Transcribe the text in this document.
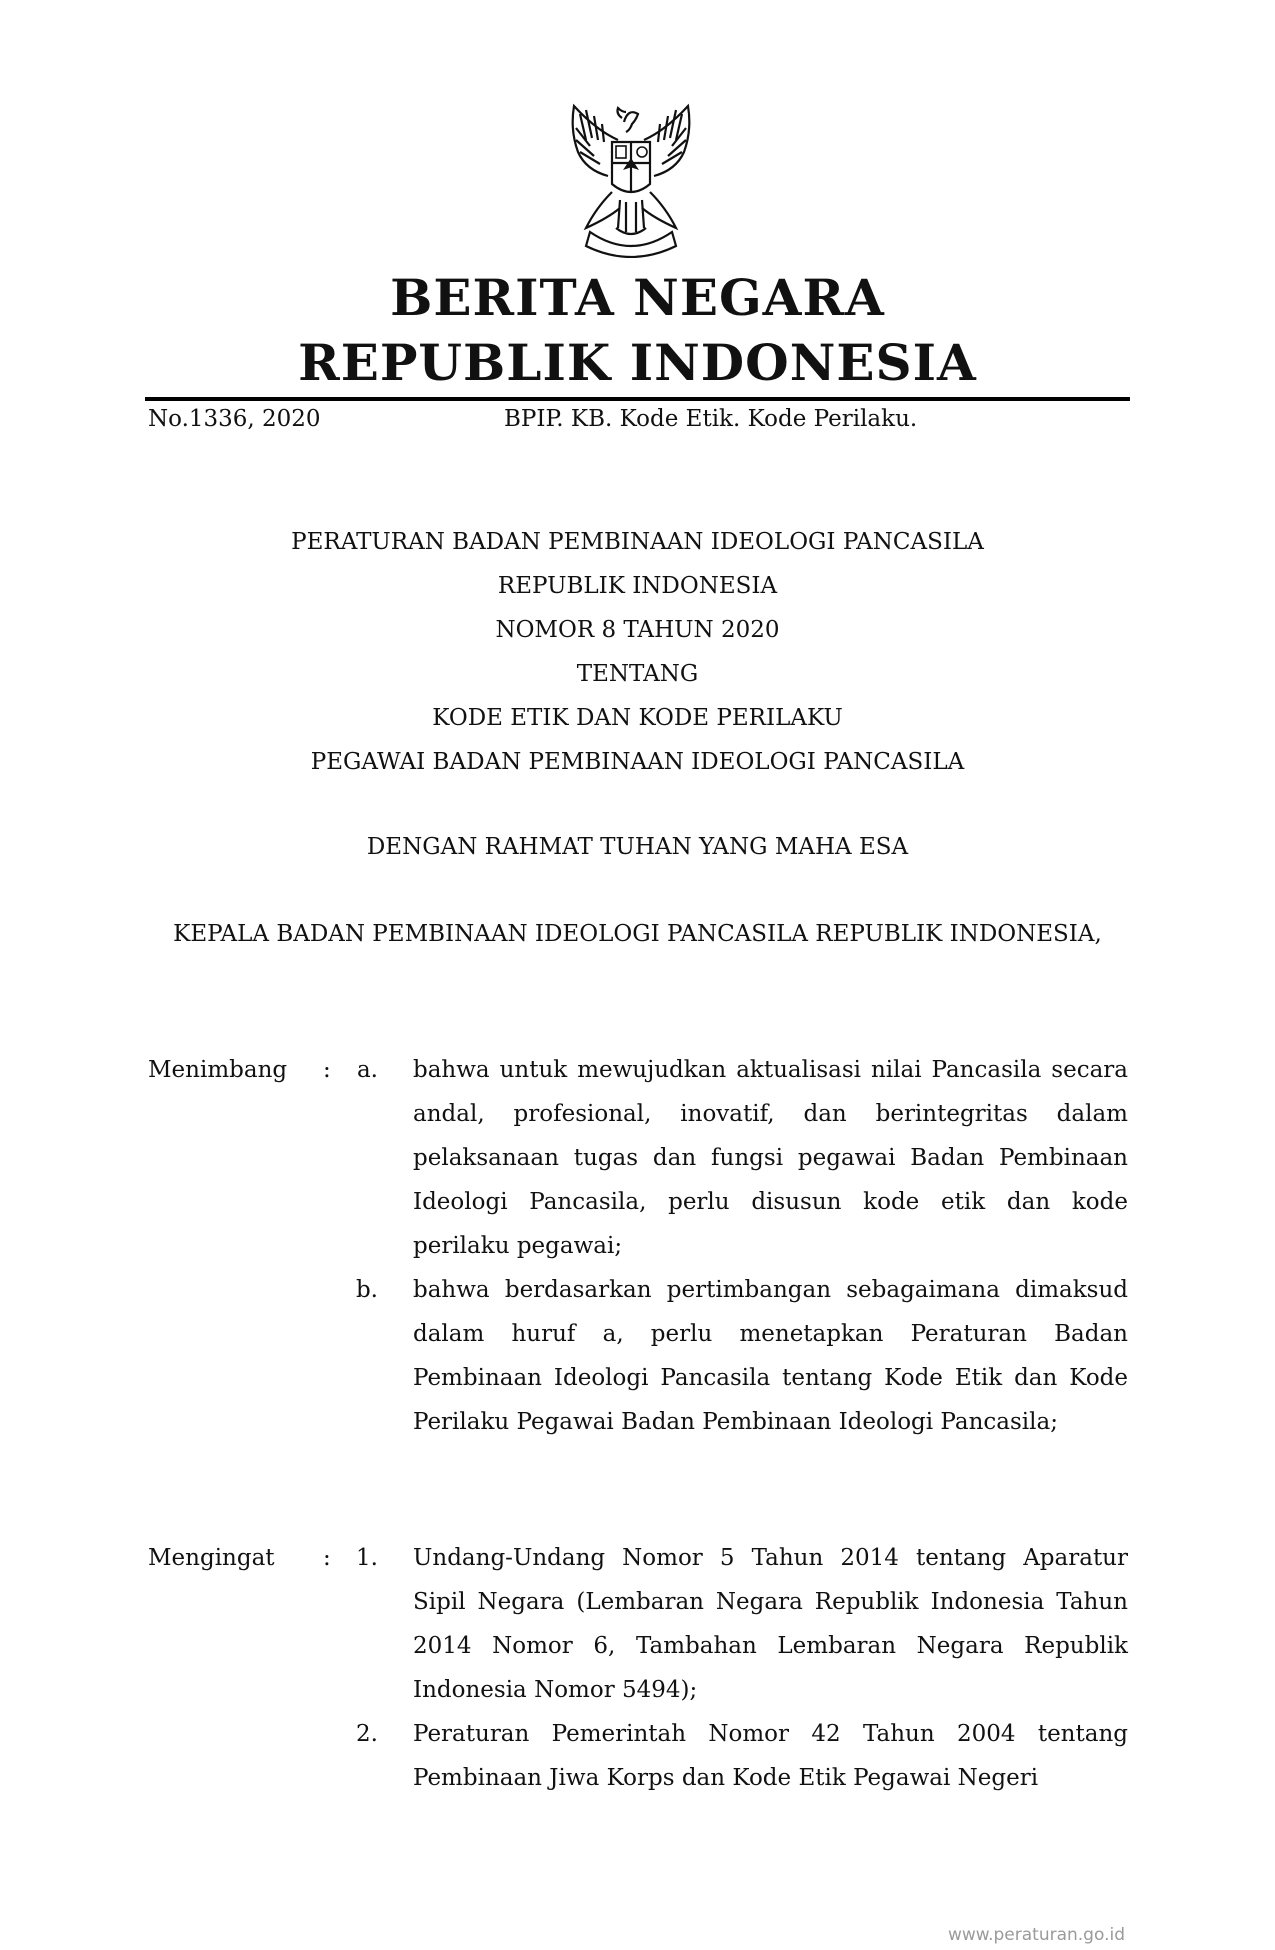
BERITA NEGARA
REPUBLIK INDONESIA
No.1336, 2020	BPIP. KB. Kode Etik. Kode Perilaku.
PERATURAN BADAN PEMBINAAN IDEOLOGI PANCASILA
REPUBLIK INDONESIA
NOMOR 8 TAHUN 2020
TENTANG
KODE ETIK DAN KODE PERILAKU
PEGAWAI BADAN PEMBINAAN IDEOLOGI PANCASILA
DENGAN RAHMAT TUHAN YANG MAHA ESA
KEPALA BADAN PEMBINAAN IDEOLOGI PANCASILA REPUBLIK INDONESIA,
Menimbang :	a. bahwa untuk mewujudkan aktualisasi nilai Pancasila secara andal, profesional, inovatif, dan berintegritas dalam pelaksanaan tugas dan fungsi pegawai Badan Pembinaan Ideologi Pancasila, perlu disusun kode etik dan kode perilaku pegawai;
b. bahwa berdasarkan pertimbangan sebagaimana dimaksud dalam huruf a, perlu menetapkan Peraturan Badan Pembinaan Ideologi Pancasila tentang Kode Etik dan Kode Perilaku Pegawai Badan Pembinaan Ideologi Pancasila;
Mengingat :	1. Undang-Undang Nomor 5 Tahun 2014 tentang Aparatur Sipil Negara (Lembaran Negara Republik Indonesia Tahun 2014 Nomor 6, Tambahan Lembaran Negara Republik Indonesia Nomor 5494);
2. Peraturan Pemerintah Nomor 42 Tahun 2004 tentang Pembinaan Jiwa Korps dan Kode Etik Pegawai Negeri
www.peraturan.go.id
